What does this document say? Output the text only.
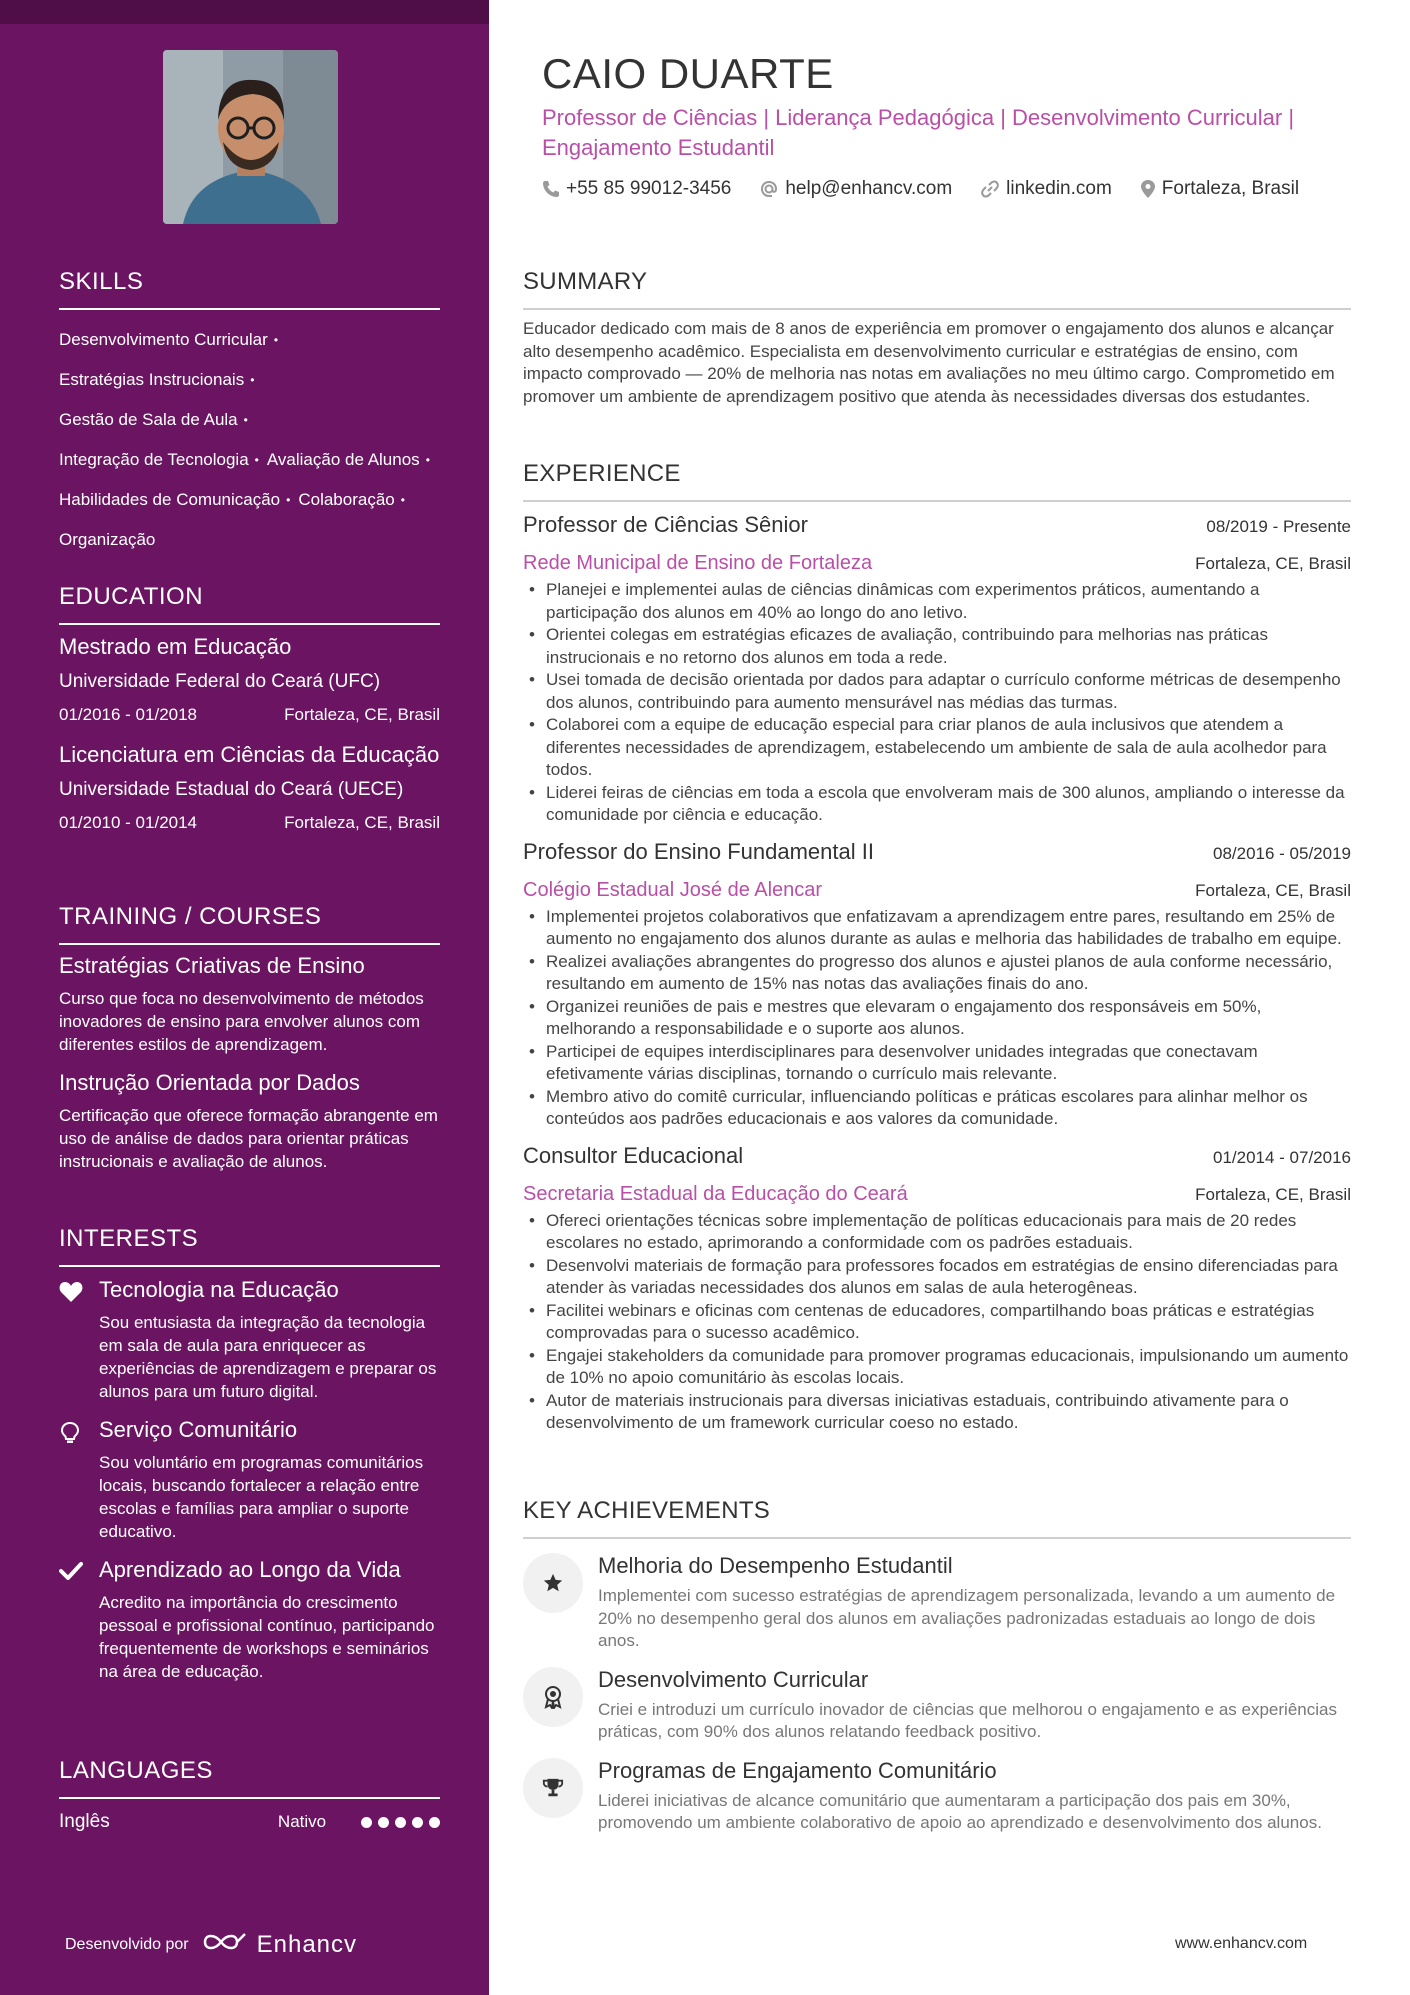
SKILLS
Desenvolvimento Curricular •
Estratégias Instrucionais •
Gestão de Sala de Aula •
Integração de Tecnologia • Avaliação de Alunos •
Habilidades de Comunicação • Colaboração •
Organização
EDUCATION
Mestrado em Educação
Universidade Federal do Ceará (UFC)
01/2016 - 01/2018	Fortaleza, CE, Brasil
Licenciatura em Ciências da Educação
Universidade Estadual do Ceará (UECE)
01/2010 - 01/2014	Fortaleza, CE, Brasil
TRAINING / COURSES
Estratégias Criativas de Ensino
Curso que foca no desenvolvimento de métodos inovadores de ensino para envolver alunos com diferentes estilos de aprendizagem.
Instrução Orientada por Dados
Certificação que oferece formação abrangente em uso de análise de dados para orientar práticas instrucionais e avaliação de alunos.
INTERESTS
Tecnologia na Educação
Sou entusiasta da integração da tecnologia em sala de aula para enriquecer as experiências de aprendizagem e preparar os alunos para um futuro digital.
Serviço Comunitário
Sou voluntário em programas comunitários locais, buscando fortalecer a relação entre escolas e famílias para ampliar o suporte educativo.
Aprendizado ao Longo da Vida
Acredito na importância do crescimento pessoal e profissional contínuo, participando frequentemente de workshops e seminários na área de educação.
LANGUAGES
Inglês	Nativo
Desenvolvido por	Enhancv
CAIO DUARTE
Professor de Ciências | Liderança Pedagógica | Desenvolvimento Curricular | Engajamento Estudantil
+55 85 99012-3456	help@enhancv.com	linkedin.com	Fortaleza, Brasil
SUMMARY
Educador dedicado com mais de 8 anos de experiência em promover o engajamento dos alunos e alcançar alto desempenho acadêmico. Especialista em desenvolvimento curricular e estratégias de ensino, com impacto comprovado — 20% de melhoria nas notas em avaliações no meu último cargo. Comprometido em promover um ambiente de aprendizagem positivo que atenda às necessidades diversas dos estudantes.
EXPERIENCE
Professor de Ciências Sênior	08/2019 - Presente
Rede Municipal de Ensino de Fortaleza	Fortaleza, CE, Brasil
• Planejei e implementei aulas de ciências dinâmicas com experimentos práticos, aumentando a participação dos alunos em 40% ao longo do ano letivo.
• Orientei colegas em estratégias eficazes de avaliação, contribuindo para melhorias nas práticas instrucionais e no retorno dos alunos em toda a rede.
• Usei tomada de decisão orientada por dados para adaptar o currículo conforme métricas de desempenho dos alunos, contribuindo para aumento mensurável nas médias das turmas.
• Colaborei com a equipe de educação especial para criar planos de aula inclusivos que atendem a diferentes necessidades de aprendizagem, estabelecendo um ambiente de sala de aula acolhedor para todos.
• Liderei feiras de ciências em toda a escola que envolveram mais de 300 alunos, ampliando o interesse da comunidade por ciência e educação.
Professor do Ensino Fundamental II	08/2016 - 05/2019
Colégio Estadual José de Alencar	Fortaleza, CE, Brasil
• Implementei projetos colaborativos que enfatizavam a aprendizagem entre pares, resultando em 25% de aumento no engajamento dos alunos durante as aulas e melhoria das habilidades de trabalho em equipe.
• Realizei avaliações abrangentes do progresso dos alunos e ajustei planos de aula conforme necessário, resultando em aumento de 15% nas notas das avaliações finais do ano.
• Organizei reuniões de pais e mestres que elevaram o engajamento dos responsáveis em 50%, melhorando a responsabilidade e o suporte aos alunos.
• Participei de equipes interdisciplinares para desenvolver unidades integradas que conectavam efetivamente várias disciplinas, tornando o currículo mais relevante.
• Membro ativo do comitê curricular, influenciando políticas e práticas escolares para alinhar melhor os conteúdos aos padrões educacionais e aos valores da comunidade.
Consultor Educacional	01/2014 - 07/2016
Secretaria Estadual da Educação do Ceará	Fortaleza, CE, Brasil
• Ofereci orientações técnicas sobre implementação de políticas educacionais para mais de 20 redes escolares no estado, aprimorando a conformidade com os padrões estaduais.
• Desenvolvi materiais de formação para professores focados em estratégias de ensino diferenciadas para atender às variadas necessidades dos alunos em salas de aula heterogêneas.
• Facilitei webinars e oficinas com centenas de educadores, compartilhando boas práticas e estratégias comprovadas para o sucesso acadêmico.
• Engajei stakeholders da comunidade para promover programas educacionais, impulsionando um aumento de 10% no apoio comunitário às escolas locais.
• Autor de materiais instrucionais para diversas iniciativas estaduais, contribuindo ativamente para o desenvolvimento de um framework curricular coeso no estado.
KEY ACHIEVEMENTS
Melhoria do Desempenho Estudantil
Implementei com sucesso estratégias de aprendizagem personalizada, levando a um aumento de 20% no desempenho geral dos alunos em avaliações padronizadas estaduais ao longo de dois anos.
Desenvolvimento Curricular
Criei e introduzi um currículo inovador de ciências que melhorou o engajamento e as experiências práticas, com 90% dos alunos relatando feedback positivo.
Programas de Engajamento Comunitário
Liderei iniciativas de alcance comunitário que aumentaram a participação dos pais em 30%, promovendo um ambiente colaborativo de apoio ao aprendizado e desenvolvimento dos alunos.
www.enhancv.com
